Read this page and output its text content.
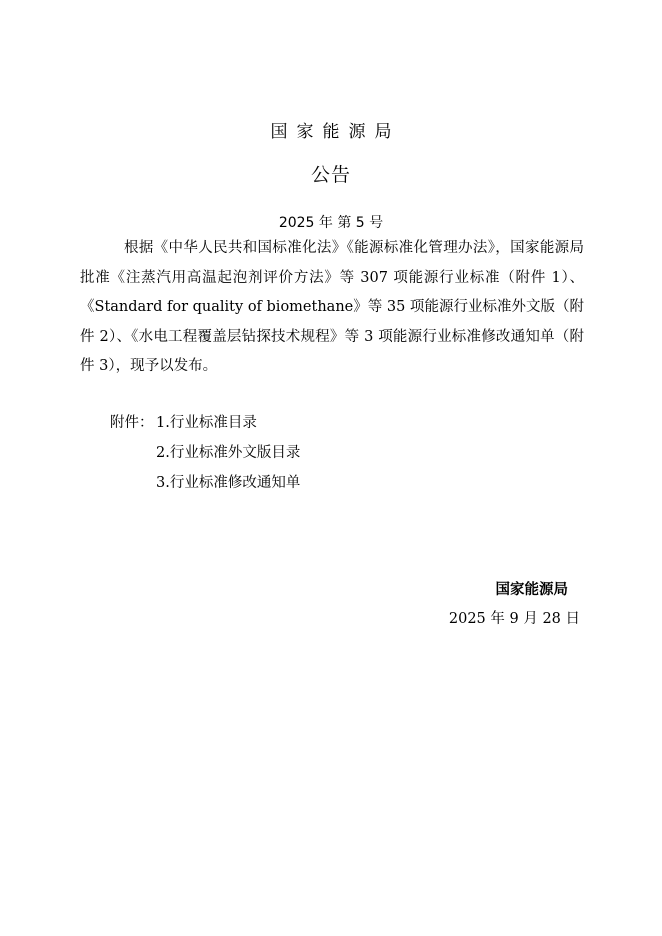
国家能源局
公告
2025 年 第 5 号

根据《中华人民共和国标准化法》《能源标准化管理办法》，国家能源局批准《注蒸汽用高温起泡剂评价方法》等 307 项能源行业标准（附件 1）、《Standard for quality of biomethane》等 35 项能源行业标准外文版（附件 2）、《水电工程覆盖层钻探技术规程》等 3 项能源行业标准修改通知单（附件 3），现予以发布。

附件： 1.行业标准目录
2.行业标准外文版目录
3.行业标准修改通知单
国家能源局
2025 年 9 月 28 日
